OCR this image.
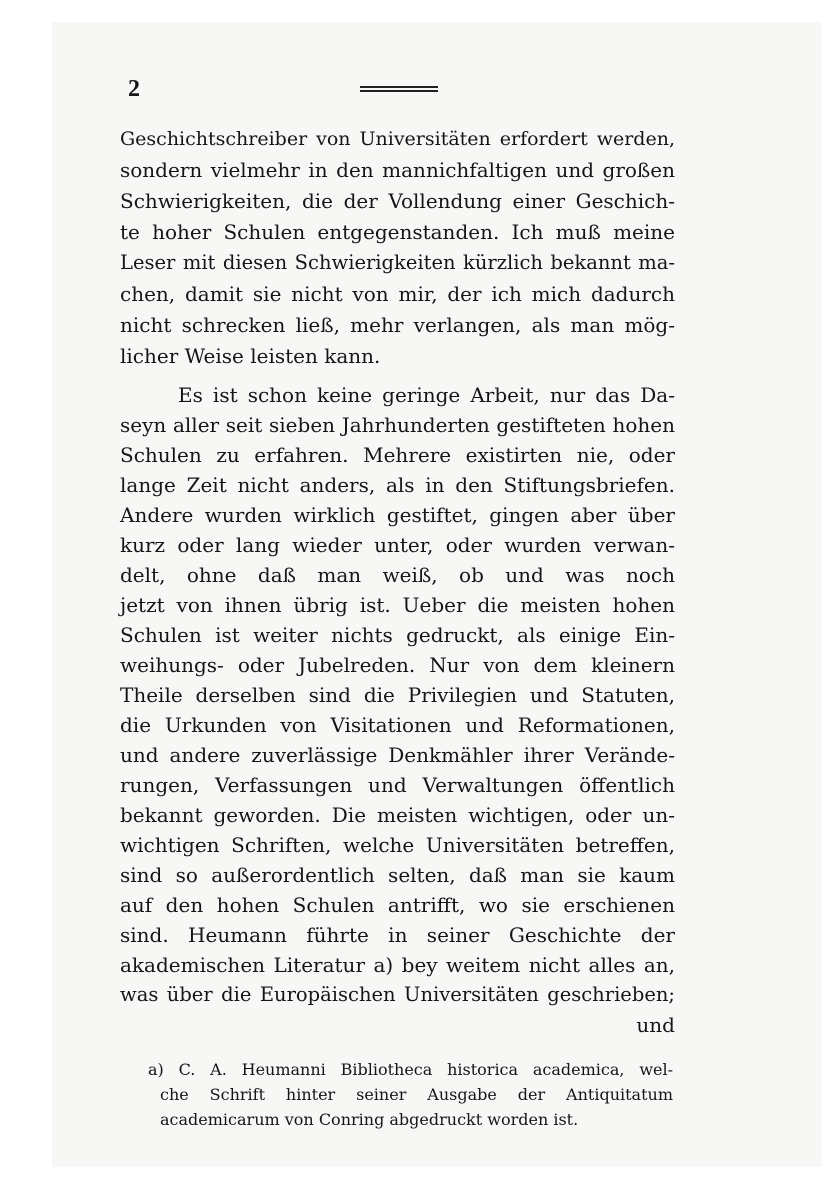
2
Geschichtschreiber von Universitäten erfordert werden,
sondern vielmehr in den mannichfaltigen und großen
Schwierigkeiten, die der Vollendung einer Geschich-
te hoher Schulen entgegenstanden. Ich muß meine
Leser mit diesen Schwierigkeiten kürzlich bekannt ma-
chen, damit sie nicht von mir, der ich mich dadurch
nicht schrecken ließ, mehr verlangen, als man mög-
licher Weise leisten kann.
Es ist schon keine geringe Arbeit, nur das Da-
seyn aller seit sieben Jahrhunderten gestifteten hohen
Schulen zu erfahren. Mehrere existirten nie, oder
lange Zeit nicht anders, als in den Stiftungsbriefen.
Andere wurden wirklich gestiftet, gingen aber über
kurz oder lang wieder unter, oder wurden verwan-
delt, ohne daß man weiß, ob und was noch
jetzt von ihnen übrig ist. Ueber die meisten hohen
Schulen ist weiter nichts gedruckt, als einige Ein-
weihungs- oder Jubelreden. Nur von dem kleinern
Theile derselben sind die Privilegien und Statuten,
die Urkunden von Visitationen und Reformationen,
und andere zuverlässige Denkmähler ihrer Verände-
rungen, Verfassungen und Verwaltungen öffentlich
bekannt geworden. Die meisten wichtigen, oder un-
wichtigen Schriften, welche Universitäten betreffen,
sind so außerordentlich selten, daß man sie kaum
auf den hohen Schulen antrifft, wo sie erschienen
sind. Heumann führte in seiner Geschichte der
akademischen Literatur a) bey weitem nicht alles an,
was über die Europäischen Universitäten geschrieben;
und
a) C. A. Heumanni Bibliotheca historica academica, wel-
che Schrift hinter seiner Ausgabe der Antiquitatum
academicarum von Conring abgedruckt worden ist.
